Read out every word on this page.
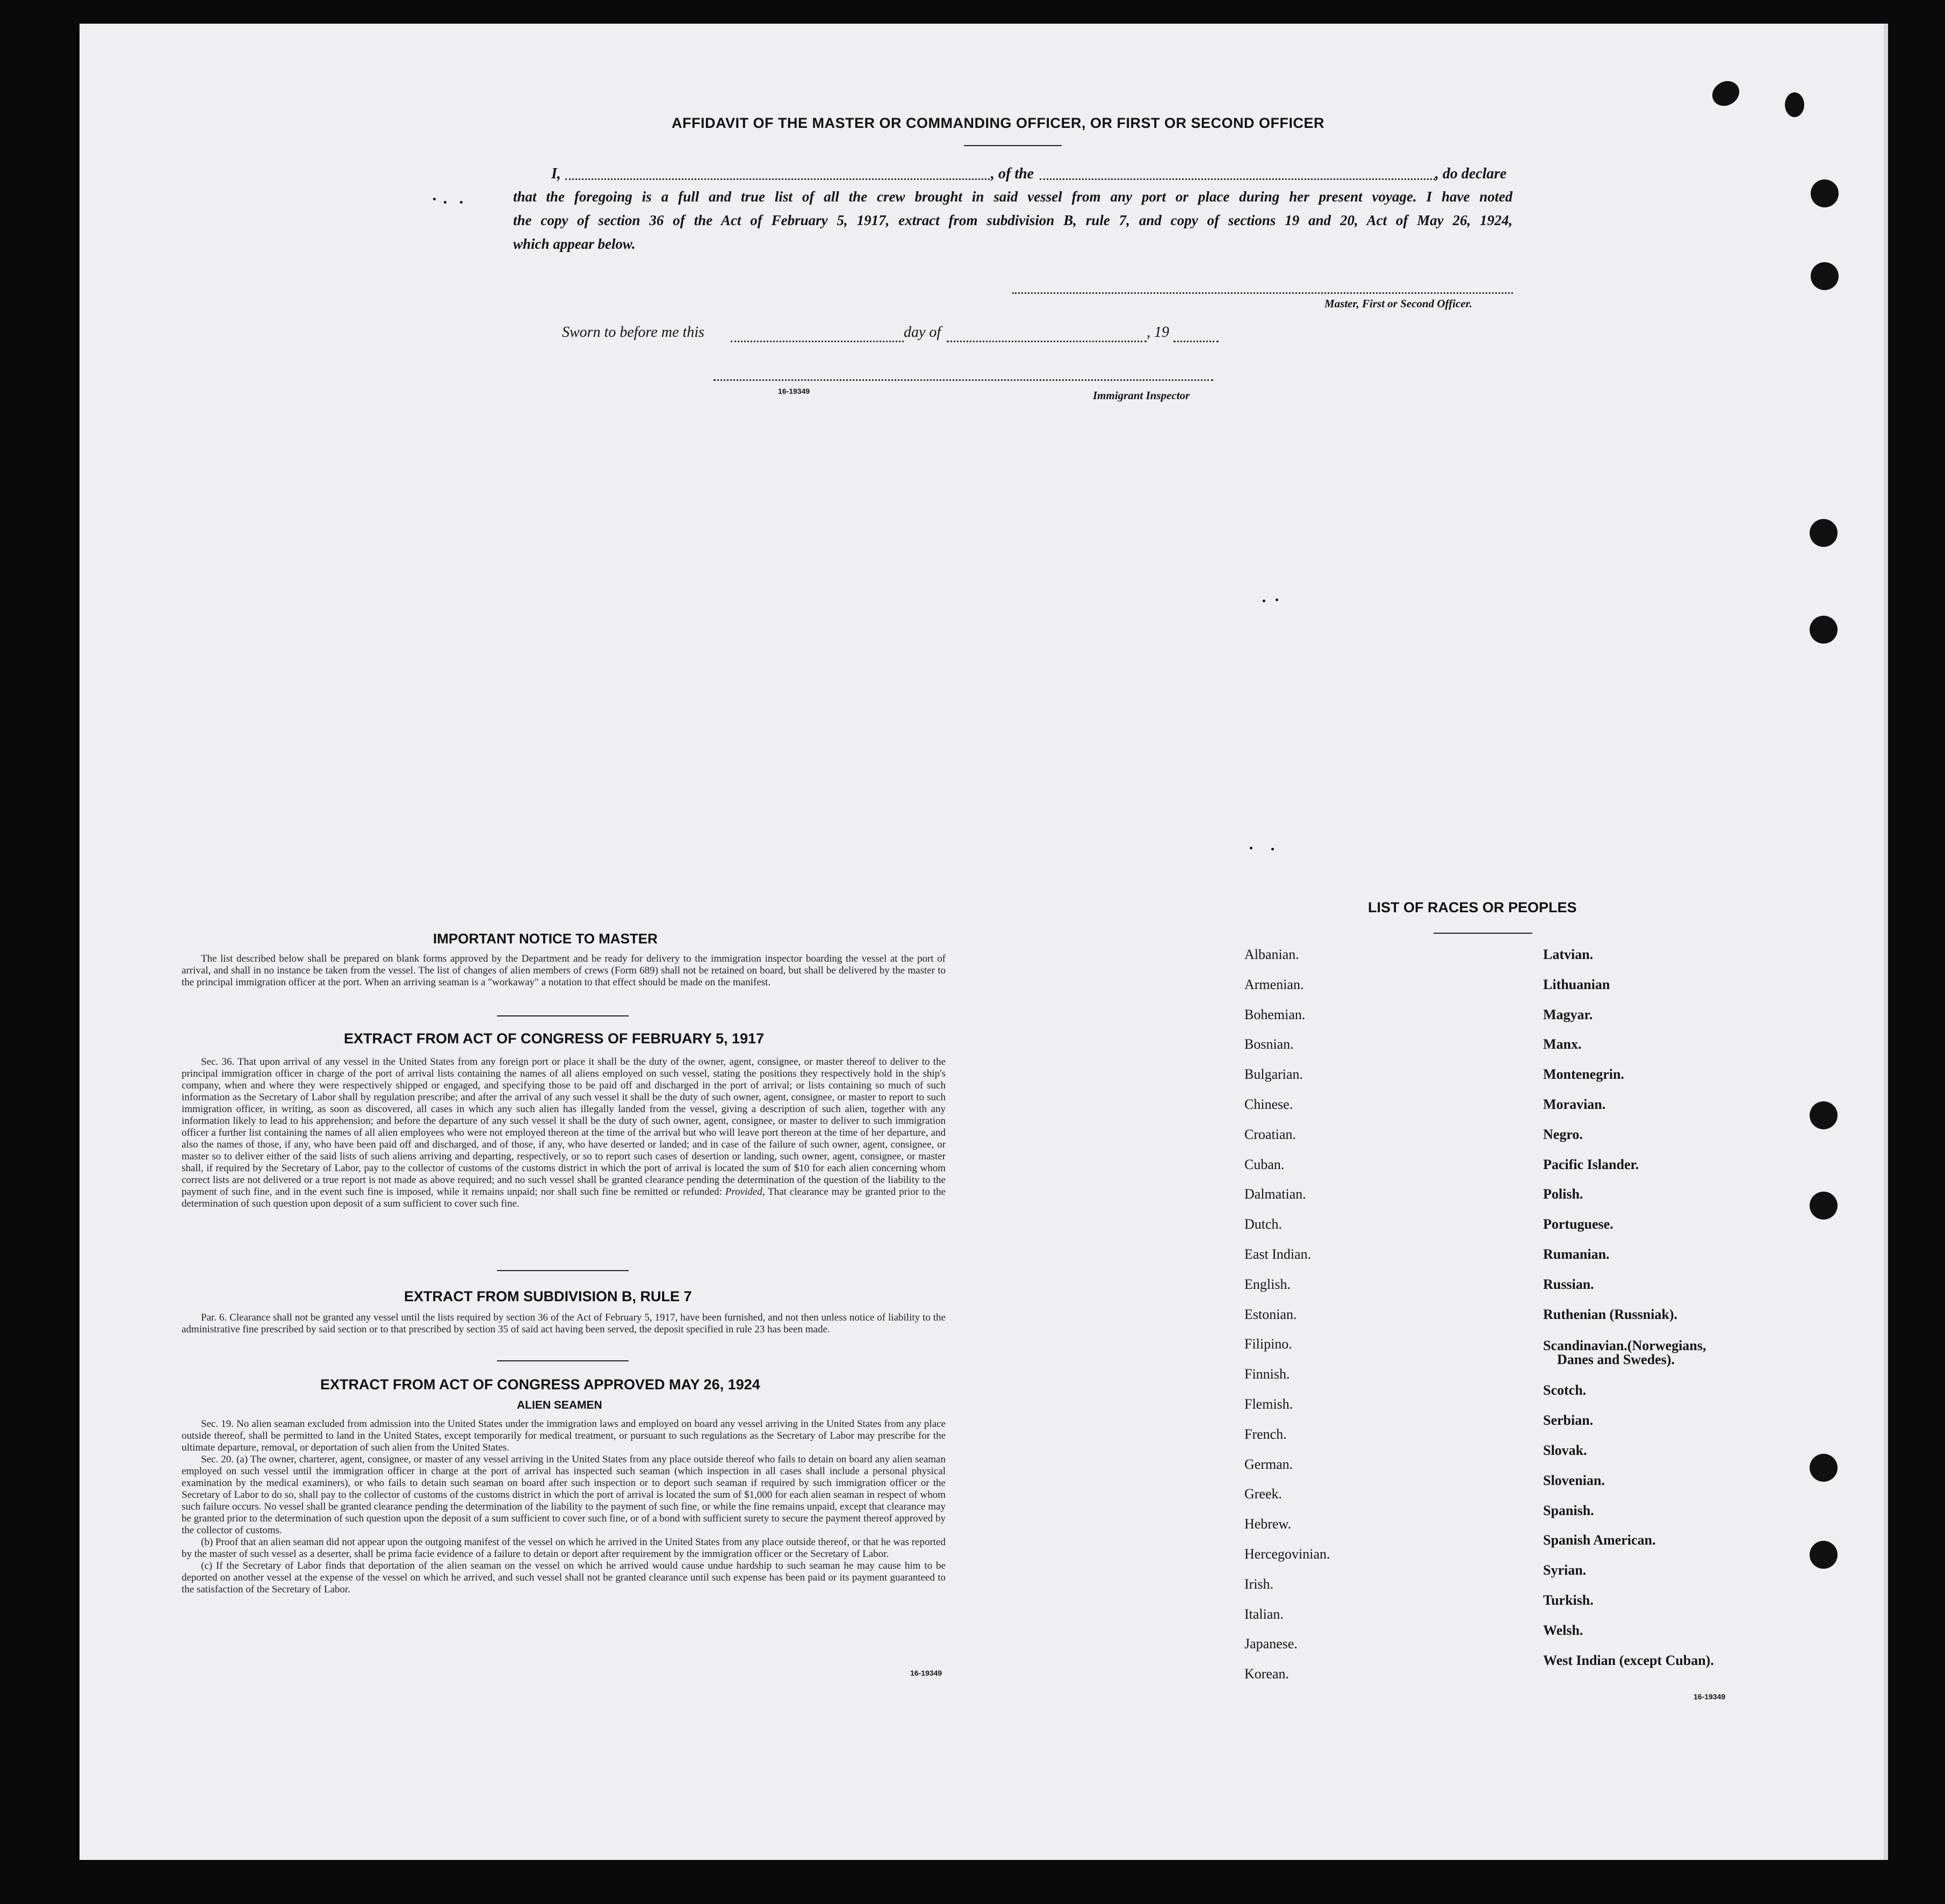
AFFIDAVIT OF THE MASTER OR COMMANDING OFFICER, OR FIRST OR SECOND OFFICER
I,	, of the	, do declare
that the foregoing is a full and true list of all the crew brought in said vessel from any port or place during her present voyage. I have noted
the copy of section 36 of the Act of February 5, 1917, extract from subdivision B, rule 7, and copy of sections 19 and 20, Act of May 26, 1924,
which appear below.
Master, First or Second Officer.
Sworn to before me this	day of	, 19
16-19349	Immigrant Inspector
IMPORTANT NOTICE TO MASTER

The list described below shall be prepared on blank forms approved by the Department and be ready for delivery to the immigration inspector boarding the vessel at the port of arrival, and shall in no instance be taken from the vessel. The list of changes of alien members of crews (Form 689) shall not be retained on board, but shall be delivered by the master to the principal immigration officer at the port. When an arriving seaman is a "workaway" a notation to that effect should be made on the manifest.

EXTRACT FROM ACT OF CONGRESS OF FEBRUARY 5, 1917

Sec. 36. That upon arrival of any vessel in the United States from any foreign port or place it shall be the duty of the owner, agent, consignee, or master thereof to deliver to the principal immigration officer in charge of the port of arrival lists containing the names of all aliens employed on such vessel, stating the positions they respectively hold in the ship's company, when and where they were respectively shipped or engaged, and specifying those to be paid off and discharged in the port of arrival; or lists containing so much of such information as the Secretary of Labor shall by regulation prescribe; and after the arrival of any such vessel it shall be the duty of such owner, agent, consignee, or master to report to such immigration officer, in writing, as soon as discovered, all cases in which any such alien has illegally landed from the vessel, giving a description of such alien, together with any information likely to lead to his apprehension; and before the departure of any such vessel it shall be the duty of such owner, agent, consignee, or master to deliver to such immigration officer a further list containing the names of all alien employees who were not employed thereon at the time of the arrival but who will leave port thereon at the time of her departure, and also the names of those, if any, who have been paid off and discharged, and of those, if any, who have deserted or landed; and in case of the failure of such owner, agent, consignee, or master so to deliver either of the said lists of such aliens arriving and departing, respectively, or so to report such cases of desertion or landing, such owner, agent, consignee, or master shall, if required by the Secretary of Labor, pay to the collector of customs of the customs district in which the port of arrival is located the sum of $10 for each alien concerning whom correct lists are not delivered or a true report is not made as above required; and no such vessel shall be granted clearance pending the determination of the question of the liability to the payment of such fine, and in the event such fine is imposed, while it remains unpaid; nor shall such fine be remitted or refunded: Provided, That clearance may be granted prior to the determination of such question upon deposit of a sum sufficient to cover such fine.

EXTRACT FROM SUBDIVISION B, RULE 7

Par. 6. Clearance shall not be granted any vessel until the lists required by section 36 of the Act of February 5, 1917, have been furnished, and not then unless notice of liability to the administrative fine prescribed by said section or to that prescribed by section 35 of said act having been served, the deposit specified in rule 23 has been made.

EXTRACT FROM ACT OF CONGRESS APPROVED MAY 26, 1924
ALIEN SEAMEN

Sec. 19. No alien seaman excluded from admission into the United States under the immigration laws and employed on board any vessel arriving in the United States from any place outside thereof, shall be permitted to land in the United States, except temporarily for medical treatment, or pursuant to such regulations as the Secretary of Labor may prescribe for the ultimate departure, removal, or deportation of such alien from the United States.

Sec. 20. (a) The owner, charterer, agent, consignee, or master of any vessel arriving in the United States from any place outside thereof who fails to detain on board any alien seaman employed on such vessel until the immigration officer in charge at the port of arrival has inspected such seaman (which inspection in all cases shall include a personal physical examination by the medical examiners), or who fails to detain such seaman on board after such inspection or to deport such seaman if required by such immigration officer or the Secretary of Labor to do so, shall pay to the collector of customs of the customs district in which the port of arrival is located the sum of $1,000 for each alien seaman in respect of whom such failure occurs. No vessel shall be granted clearance pending the determination of the liability to the payment of such fine, or while the fine remains unpaid, except that clearance may be granted prior to the determination of such question upon the deposit of a sum sufficient to cover such fine, or of a bond with sufficient surety to secure the payment thereof approved by the collector of customs.

(b) Proof that an alien seaman did not appear upon the outgoing manifest of the vessel on which he arrived in the United States from any place outside thereof, or that he was reported by the master of such vessel as a deserter, shall be prima facie evidence of a failure to detain or deport after requirement by the immigration officer or the Secretary of Labor.

(c) If the Secretary of Labor finds that deportation of the alien seaman on the vessel on which he arrived would cause undue hardship to such seaman he may cause him to be deported on another vessel at the expense of the vessel on which he arrived, and such vessel shall not be granted clearance until such expense has been paid or its payment guaranteed to the satisfaction of the Secretary of Labor.

16-19349
LIST OF RACES OR PEOPLES
Albanian.
Armenian.
Bohemian.
Bosnian.
Bulgarian.
Chinese.
Croatian.
Cuban.
Dalmatian.
Dutch.
East Indian.
English.
Estonian.
Filipino.
Finnish.
Flemish.
French.
German.
Greek.
Hebrew.
Hercegovinian.
Irish.
Italian.
Japanese.
Korean.
Latvian.
Lithuanian
Magyar.
Manx.
Montenegrin.
Moravian.
Negro.
Pacific Islander.
Polish.
Portuguese.
Rumanian.
Russian.
Ruthenian (Russniak).
Scandinavian.(Norwegians,
Danes and Swedes).
Scotch.
Serbian.
Slovak.
Slovenian.
Spanish.
Spanish American.
Syrian.
Turkish.
Welsh.
West Indian (except Cuban).
16-19349
